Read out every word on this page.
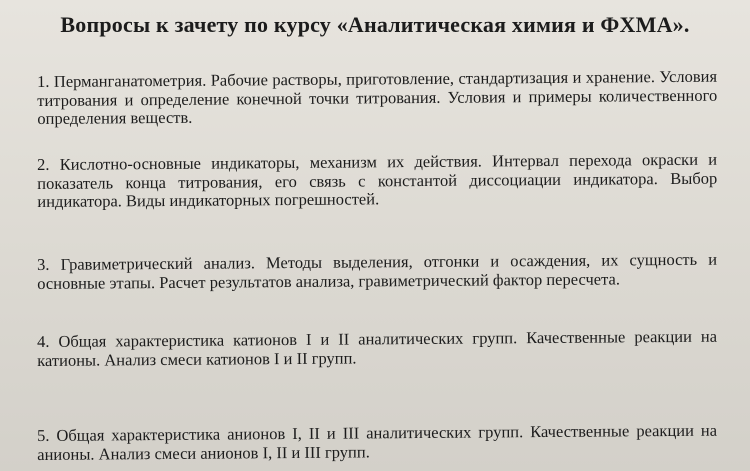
Вопросы к зачету по курсу «Аналитическая химия и ФХМА».
1. Перманганатометрия. Рабочие растворы, приготовление, стандартизация и хранение. Условия титрования и определение конечной точки титрования. Условия и примеры количественного определения веществ.
2. Кислотно-основные индикаторы, механизм их действия. Интервал перехода окраски и показатель конца титрования, его связь с константой диссоциации индикатора. Выбор индикатора. Виды индикаторных погрешностей.
3. Гравиметрический анализ. Методы выделения, отгонки и осаждения, их сущность и основные этапы. Расчет результатов анализа, гравиметрический фактор пересчета.
4. Общая характеристика катионов I и II аналитических групп. Качественные реакции на катионы. Анализ смеси катионов I и II групп.
5. Общая характеристика анионов I, II и III аналитических групп. Качественные реакции на анионы. Анализ смеси анионов I, II и III групп.
